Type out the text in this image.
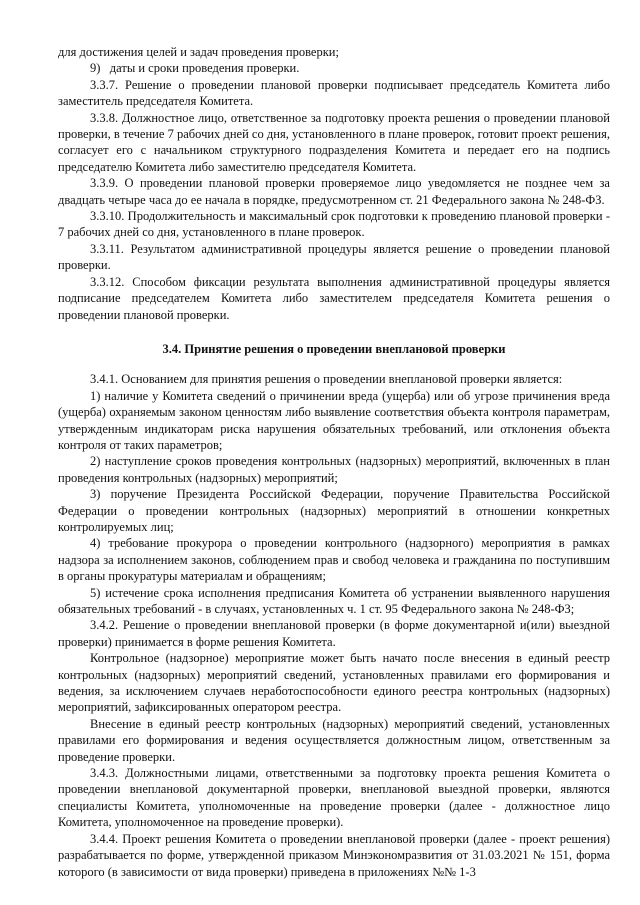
для достижения целей и задач проведения проверки;

9)   даты и сроки проведения проверки.

3.3.7. Решение о проведении плановой проверки подписывает председатель Комитета либо заместитель председателя Комитета.

3.3.8. Должностное лицо, ответственное за подготовку проекта решения о проведении плановой проверки, в течение 7 рабочих дней со дня, установленного в плане проверок, готовит проект решения, согласует его с начальником структурного подразделения Комитета и передает его на подпись председателю Комитета либо заместителю председателя Комитета.

3.3.9. О проведении плановой проверки проверяемое лицо уведомляется не позднее чем за двадцать четыре часа до ее начала в порядке, предусмотренном ст. 21 Федерального закона № 248-ФЗ.

3.3.10. Продолжительность и максимальный срок подготовки к проведению плановой проверки - 7 рабочих дней со дня, установленного в плане проверок.

3.3.11. Результатом административной процедуры является решение о проведении плановой проверки.

3.3.12. Способом фиксации результата выполнения административной процедуры является подписание председателем Комитета либо заместителем председателя Комитета решения о проведении плановой проверки.

3.4. Принятие решения о проведении внеплановой проверки

3.4.1. Основанием для принятия решения о проведении внеплановой проверки является:

1) наличие у Комитета сведений о причинении вреда (ущерба) или об угрозе причинения вреда (ущерба) охраняемым законом ценностям либо выявление соответствия объекта контроля параметрам, утвержденным индикаторам риска нарушения обязательных требований, или отклонения объекта контроля от таких параметров;

2) наступление сроков проведения контрольных (надзорных) мероприятий, включенных в план проведения контрольных (надзорных) мероприятий;

3) поручение Президента Российской Федерации, поручение Правительства Российской Федерации о проведении контрольных (надзорных) мероприятий в отношении конкретных контролируемых лиц;

4) требование прокурора о проведении контрольного (надзорного) мероприятия в рамках надзора за исполнением законов, соблюдением прав и свобод человека и гражданина по поступившим в органы прокуратуры материалам и обращениям;

5) истечение срока исполнения предписания Комитета об устранении выявленного нарушения обязательных требований - в случаях, установленных ч. 1 ст. 95 Федерального закона № 248-ФЗ;

3.4.2. Решение о проведении внеплановой проверки (в форме документарной и(или) выездной проверки) принимается в форме решения Комитета.

Контрольное (надзорное) мероприятие может быть начато после внесения в единый реестр контрольных (надзорных) мероприятий сведений, установленных правилами его формирования и ведения, за исключением случаев неработоспособности единого реестра контрольных (надзорных) мероприятий, зафиксированных оператором реестра.

Внесение в единый реестр контрольных (надзорных) мероприятий сведений, установленных правилами его формирования и ведения осуществляется должностным лицом, ответственным за проведение проверки.

3.4.3. Должностными лицами, ответственными за подготовку проекта решения Комитета о проведении внеплановой документарной проверки, внеплановой выездной проверки, являются специалисты Комитета, уполномоченные на проведение проверки (далее - должностное лицо Комитета, уполномоченное на проведение проверки).

3.4.4. Проект решения Комитета о проведении внеплановой проверки (далее - проект решения) разрабатывается по форме, утвержденной приказом Минэкономразвития от 31.03.2021 № 151, форма которого (в зависимости от вида проверки) приведена в приложениях №№ 1-3
